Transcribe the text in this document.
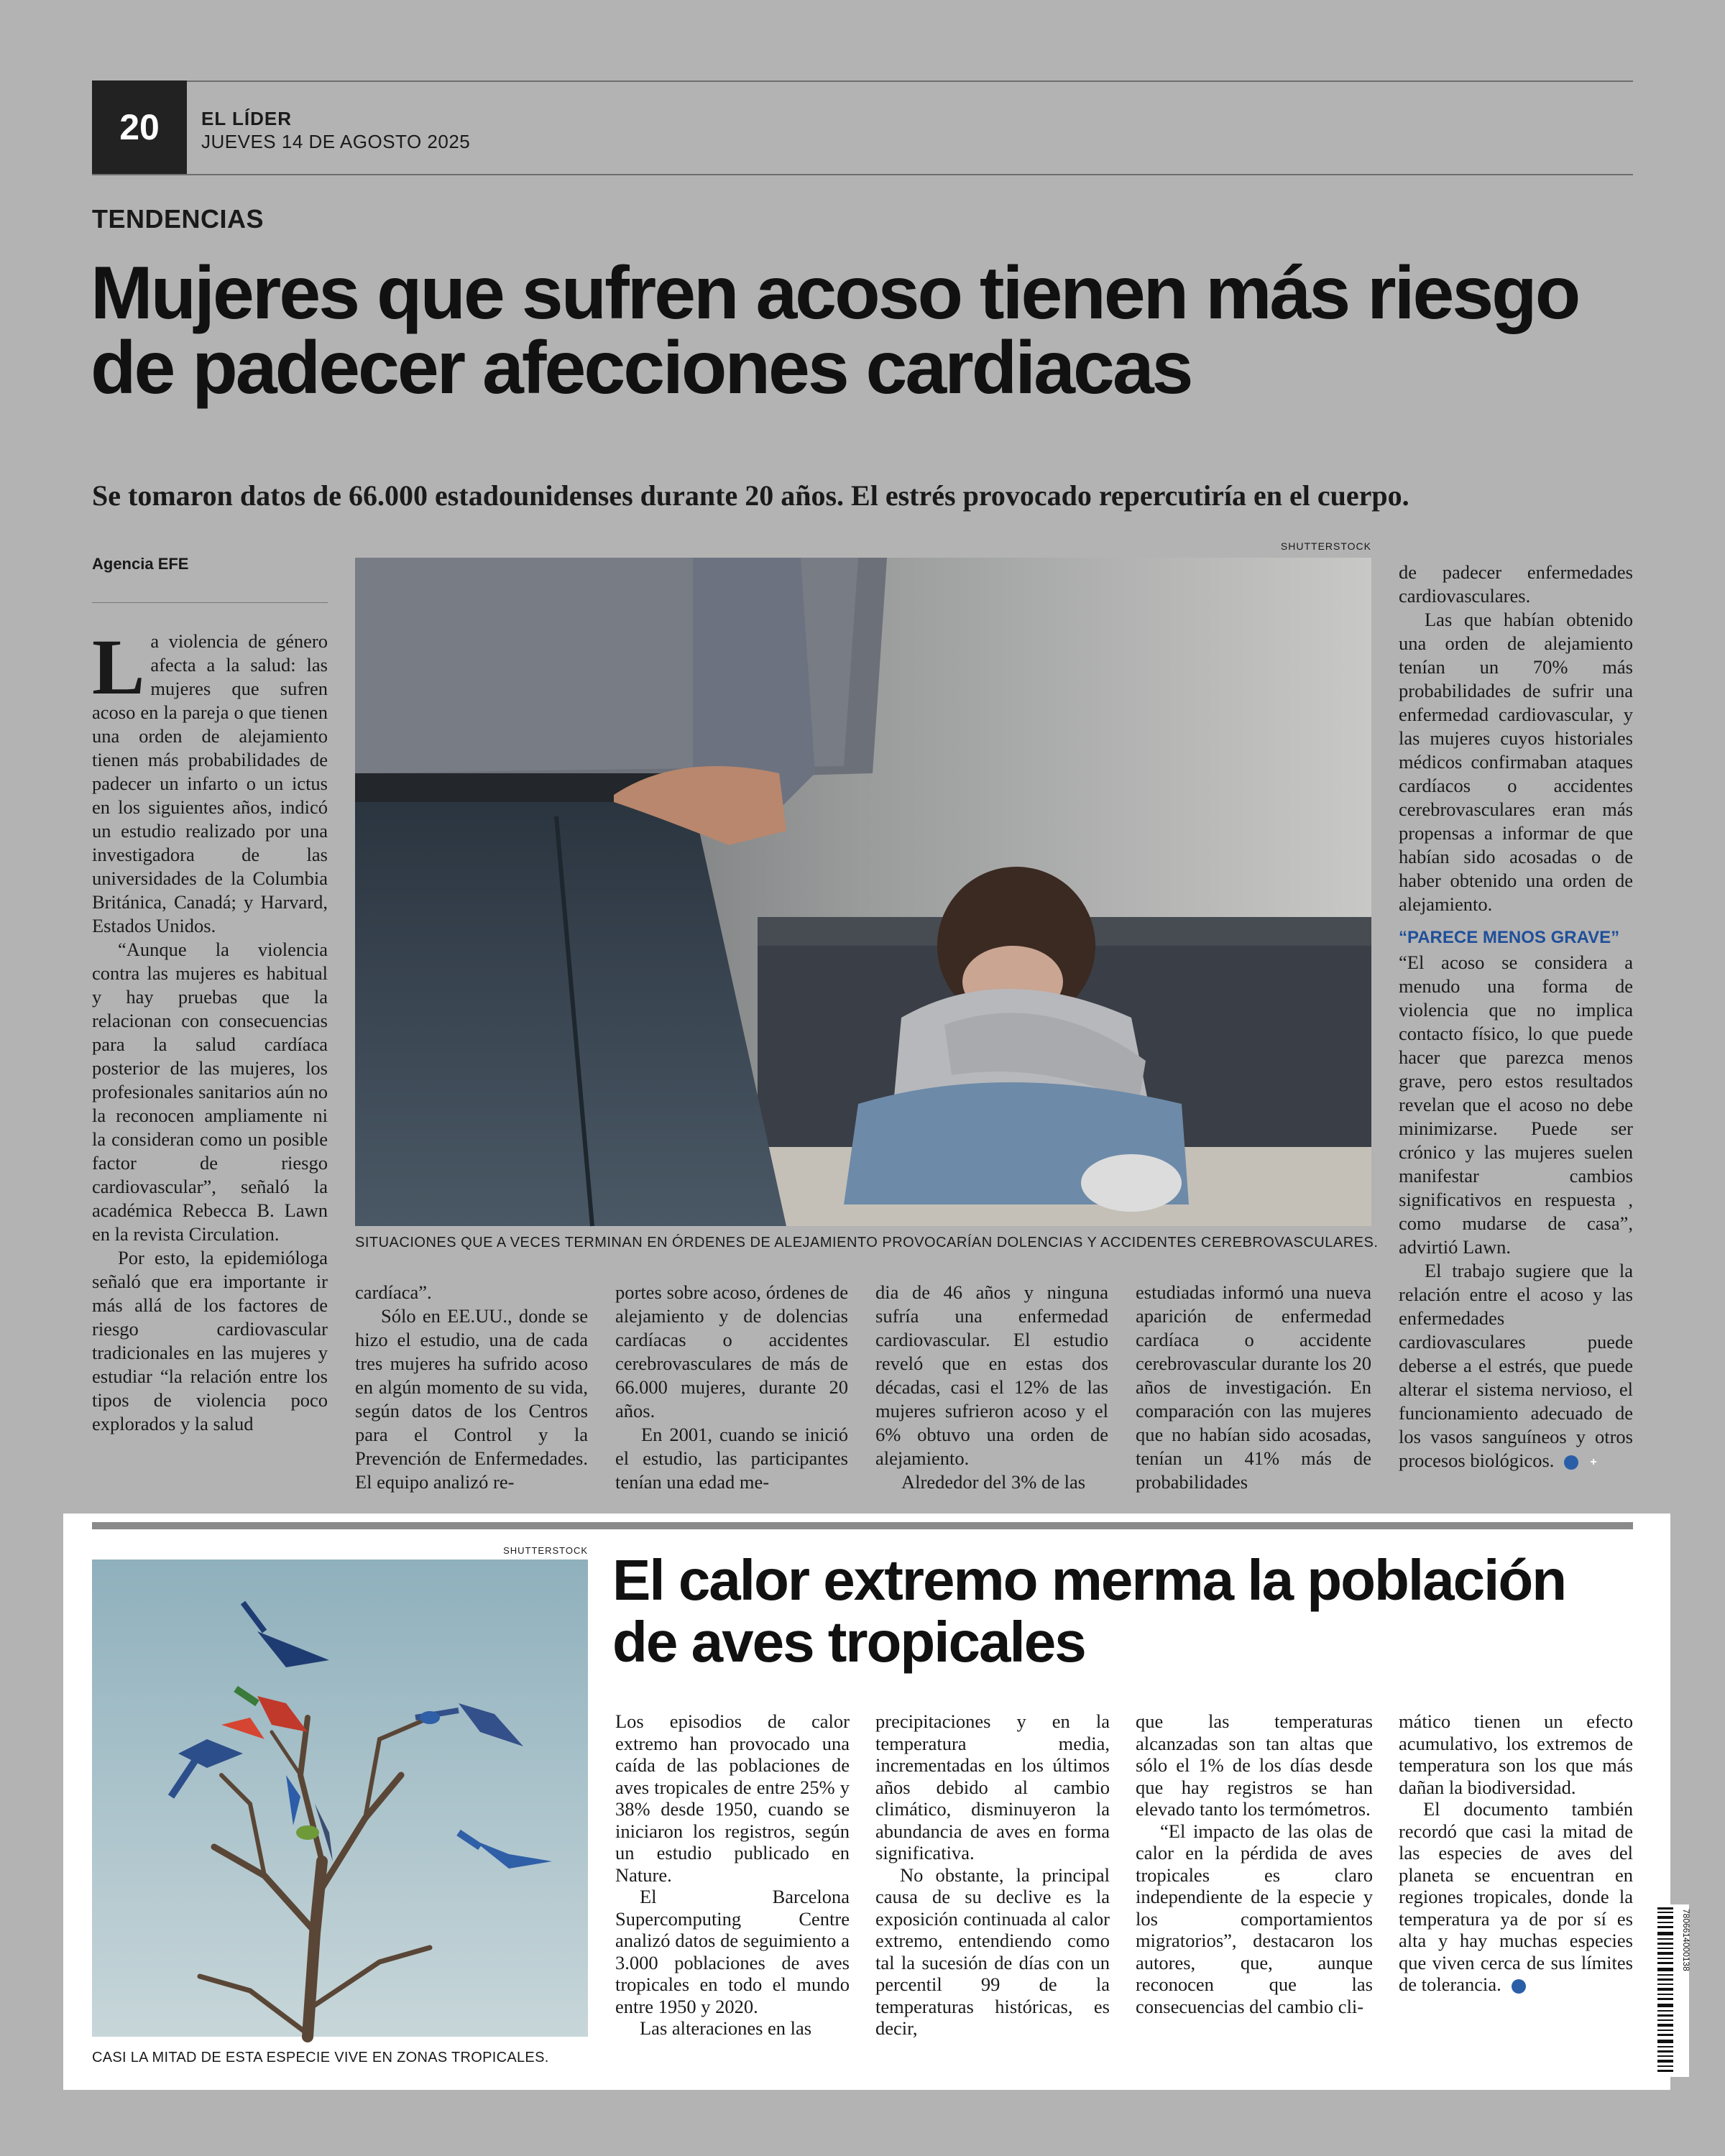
20	EL LÍDER
JUEVES 14 DE AGOSTO 2025
TENDENCIAS
Mujeres que sufren acoso tienen más riesgo de padecer afecciones cardiacas
Se tomaron datos de 66.000 estadounidenses durante 20 años. El estrés provocado repercutiría en el cuerpo.
Agencia EFE

La violencia de género afecta a la salud: las mujeres que sufren acoso en la pareja o que tienen una orden de alejamiento tienen más probabilidades de padecer un infarto o un ictus en los siguientes años, indicó un estudio realizado por una investigadora de las universidades de la Columbia Británica, Canadá; y Harvard, Estados Unidos.

“Aunque la violencia contra las mujeres es habitual y hay pruebas que la relacionan con consecuencias para la salud cardíaca posterior de las mujeres, los profesionales sanitarios aún no la reconocen ampliamente ni la consideran como un posible factor de riesgo cardiovascular”, señaló la académica Rebecca B. Lawn en la revista Circulation.

Por esto, la epidemióloga señaló que era importante ir más allá de los factores de riesgo cardiovascular tradicionales en las mujeres y estudiar “la relación entre los tipos de violencia poco explorados y la salud

SHUTTERSTOCK
SITUACIONES QUE A VECES TERMINAN EN ÓRDENES DE ALEJAMIENTO PROVOCARÍAN DOLENCIAS Y ACCIDENTES CEREBROVASCULARES.

cardíaca”.

Sólo en EE.UU., donde se hizo el estudio, una de cada tres mujeres ha sufrido acoso en algún momento de su vida, según datos de los Centros para el Control y la Prevención de Enfermedades. El equipo analizó re-

portes sobre acoso, órdenes de alejamiento y de dolencias cardíacas o accidentes cerebrovasculares de más de 66.000 mujeres, durante 20 años.

En 2001, cuando se inició el estudio, las participantes tenían una edad me-

dia de 46 años y ninguna sufría una enfermedad cardiovascular. El estudio reveló que en estas dos décadas, casi el 12% de las mujeres sufrieron acoso y el 6% obtuvo una orden de alejamiento.

Alrededor del 3% de las

estudiadas informó una nueva aparición de enfermedad cardíaca o accidente cerebrovascular durante los 20 años de investigación. En comparación con las mujeres que no habían sido acosadas, tenían un 41% más de probabilidades

de padecer enfermedades cardiovasculares.

Las que habían obtenido una orden de alejamiento tenían un 70% más probabilidades de sufrir una enfermedad cardiovascular, y las mujeres cuyos historiales médicos confirmaban ataques cardíacos o accidentes cerebrovasculares eran más propensas a informar de que habían sido acosadas o de haber obtenido una orden de alejamiento.

“PARECE MENOS GRAVE”

“El acoso se considera a menudo una forma de violencia que no implica contacto físico, lo que puede hacer que parezca menos grave, pero estos resultados revelan que el acoso no debe minimizarse. Puede ser crónico y las mujeres suelen manifestar cambios significativos en respuesta , como mudarse de casa”, advirtió Lawn.

El trabajo sugiere que la relación entre el acoso y las enfermedades cardiovasculares puede deberse a el estrés, que puede alterar el sistema nervioso, el funcionamiento adecuado de los vasos sanguíneos y otros procesos biológicos.	+

SHUTTERSTOCK
CASI LA MITAD DE ESTA ESPECIE VIVE EN ZONAS TROPICALES.
El calor extremo merma la población de aves tropicales

Los episodios de calor extremo han provocado una caída de las poblaciones de aves tropicales de entre 25% y 38% desde 1950, cuando se iniciaron los registros, según un estudio publicado en Nature.

El Barcelona Supercomputing Centre analizó datos de seguimiento a 3.000 poblaciones de aves tropicales en todo el mundo entre 1950 y 2020.

Las alteraciones en las

precipitaciones y en la temperatura media, incrementadas en los últimos años debido al cambio climático, disminuyeron la abundancia de aves en forma significativa.

No obstante, la principal causa de su declive es la exposición continuada al calor extremo, entendiendo como tal la sucesión de días con un percentil 99 de la temperaturas históricas, es decir,

que las temperaturas alcanzadas son tan altas que sólo el 1% de los días desde que hay registros se han elevado tanto los termómetros.

“El impacto de las olas de calor en la pérdida de aves tropicales es claro independiente de la especie y los comportamientos migratorios”, destacaron los autores, que, aunque reconocen que las consecuencias del cambio cli-

mático tienen un efecto acumulativo, los extremos de temperatura son los que más dañan la biodiversidad.

El documento también recordó que casi la mitad de las especies de aves del planeta se encuentran en regiones tropicales, donde la temperatura ya de por sí es alta y hay muchas especies que viven cerca de sus límites de tolerancia.	+

7806614000138
